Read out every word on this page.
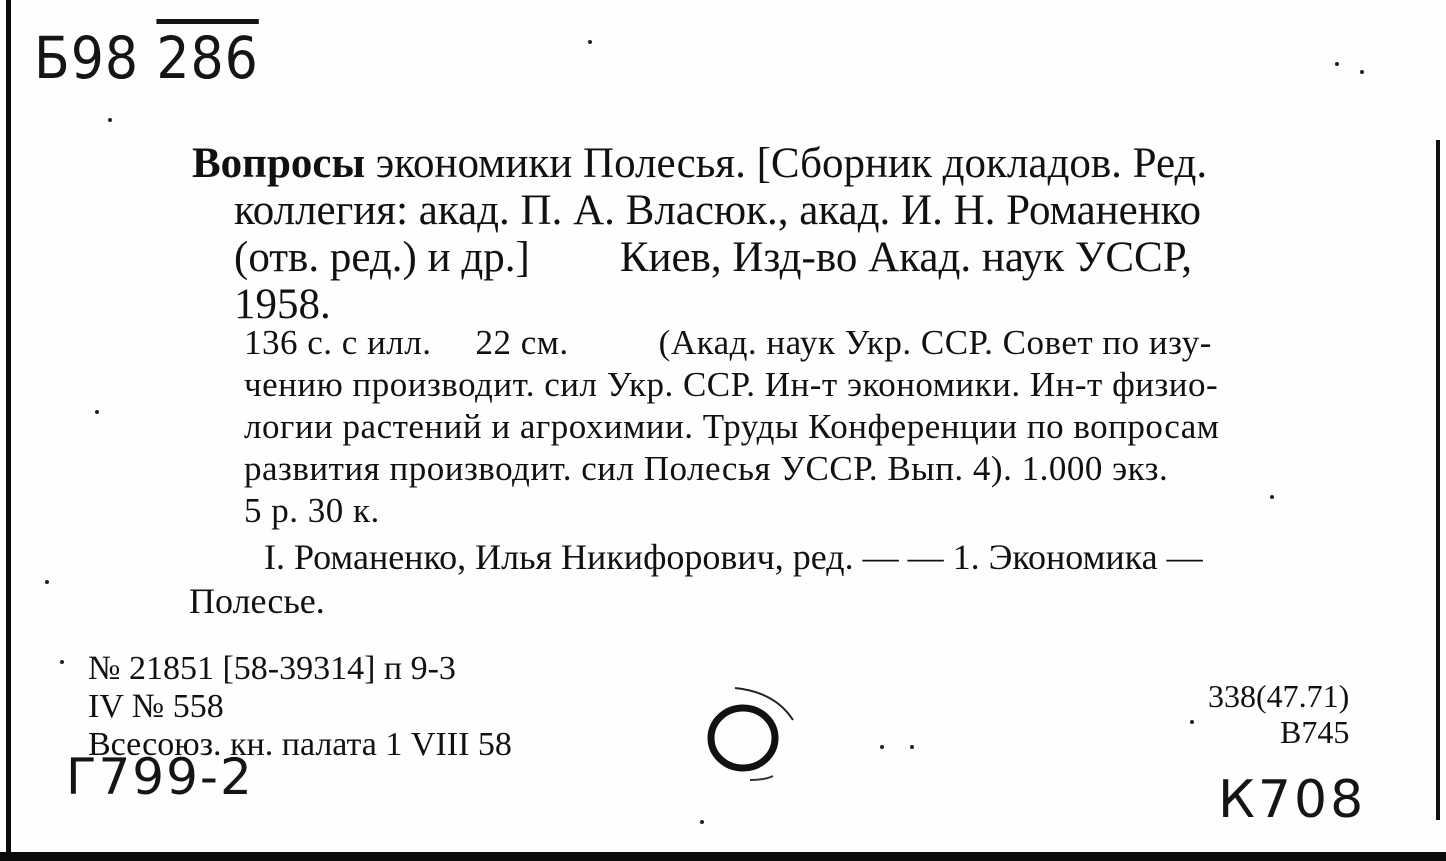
Б98 286
Вопросы экономики Полесья. [Сборник докладов. Ред.
коллегия: акад. П. А. Власюк., акад. И. Н. Романенко
(отв. ред.) и др.] Киев, Изд-во Акад. наук УССР,
1958.
136 с. с илл. 22 см.	(Акад. наук Укр. ССР. Совет по изу-
чению производит. сил Укр. ССР. Ин-т экономики. Ин-т физио-
логии растений и агрохимии. Труды Конференции по вопросам
развития производит. сил Полесья УССР. Вып. 4). 1.000 экз.
5 р. 30 к.
I. Романенко, Илья Никифорович, ред. — — 1. Экономика —
Полесье.
№ 21851 [58-39314] п 9-3
IV № 558
Всесоюз. кн. палата 1 VIII 58
338(47.71)
В745
Г799-2	К708
